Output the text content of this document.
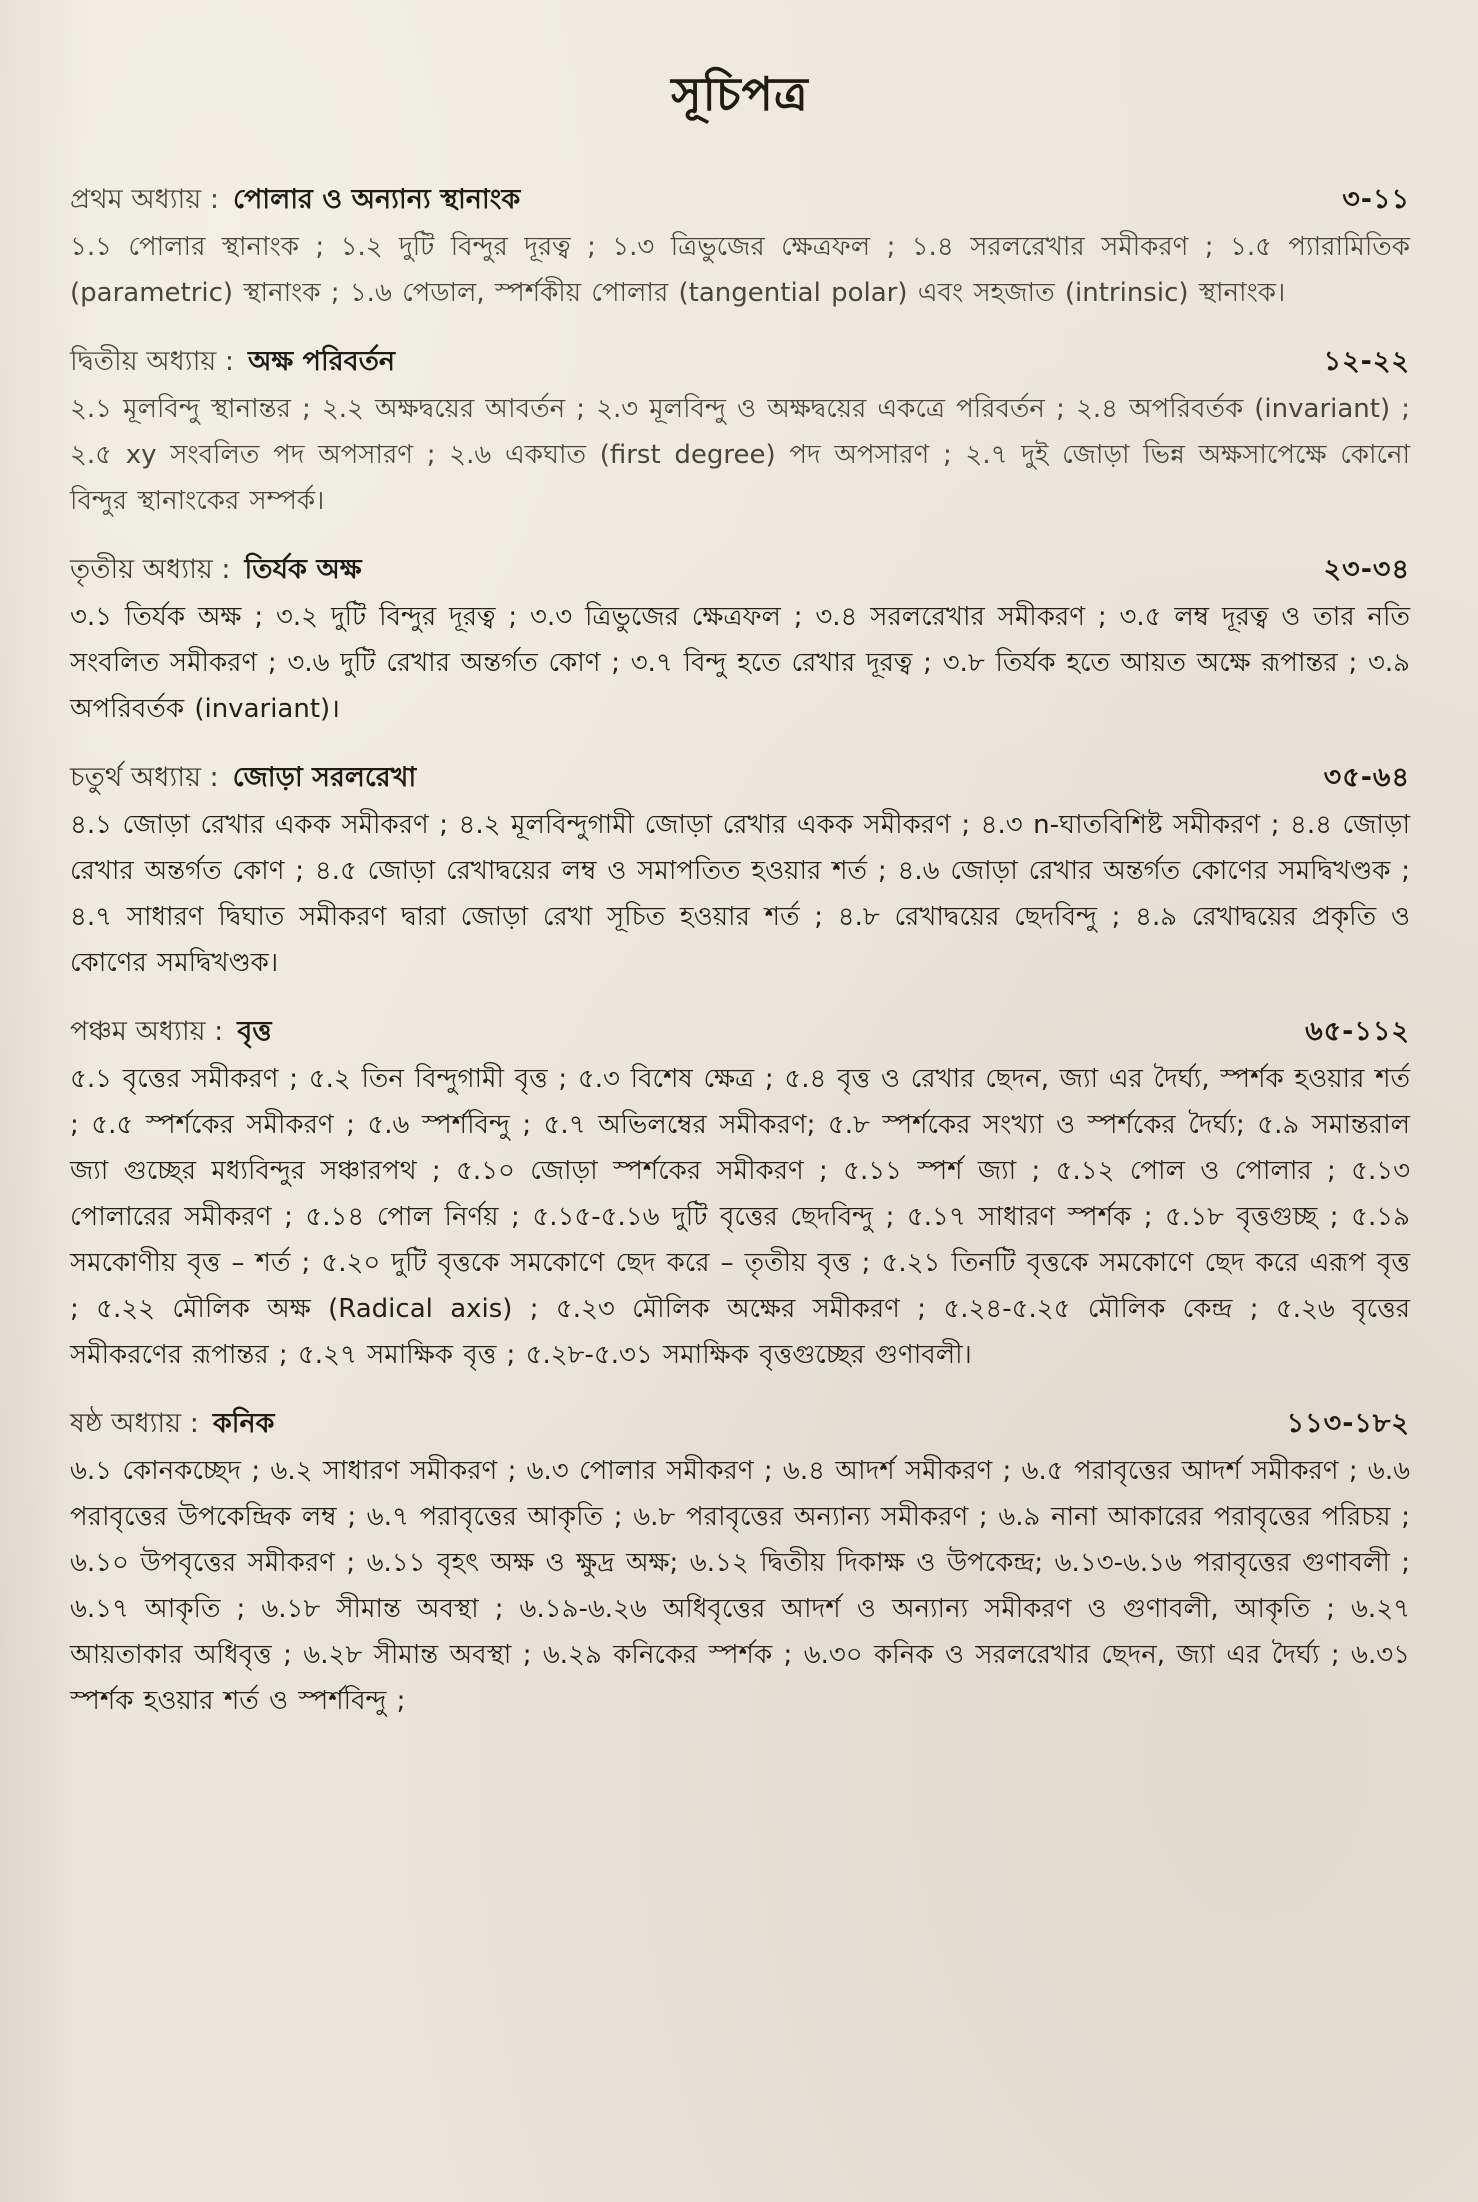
সূচিপত্র
প্রথম অধ্যায় : পোলার ও অন্যান্য স্থানাংক	৩-১১
১.১ পোলার স্থানাংক ; ১.২ দুটি বিন্দুর দূরত্ব ; ১.৩ ত্রিভুজের ক্ষেত্রফল ; ১.৪ সরলরেখার সমীকরণ ; ১.৫ প্যারামিতিক (parametric) স্থানাংক ; ১.৬ পেডাল, স্পর্শকীয় পোলার (tangential polar) এবং সহজাত (intrinsic) স্থানাংক।
দ্বিতীয় অধ্যায় : অক্ষ পরিবর্তন	১২-২২
২.১ মূলবিন্দু স্থানান্তর ; ২.২ অক্ষদ্বয়ের আবর্তন ; ২.৩ মূলবিন্দু ও অক্ষদ্বয়ের একত্রে পরিবর্তন ; ২.৪ অপরিবর্তক (invariant) ; ২.৫ xy সংবলিত পদ অপসারণ ; ২.৬ একঘাত (first degree) পদ অপসারণ ; ২.৭ দুই জোড়া ভিন্ন অক্ষসাপেক্ষে কোনো বিন্দুর স্থানাংকের সম্পর্ক।
তৃতীয় অধ্যায় : তির্যক অক্ষ	২৩-৩৪
৩.১ তির্যক অক্ষ ; ৩.২ দুটি বিন্দুর দূরত্ব ; ৩.৩ ত্রিভুজের ক্ষেত্রফল ; ৩.৪ সরলরেখার সমীকরণ ; ৩.৫ লম্ব দূরত্ব ও তার নতি সংবলিত সমীকরণ ; ৩.৬ দুটি রেখার অন্তর্গত কোণ ; ৩.৭ বিন্দু হতে রেখার দূরত্ব ; ৩.৮ তির্যক হতে আয়ত অক্ষে রূপান্তর ; ৩.৯ অপরিবর্তক (invariant)।
চতুর্থ অধ্যায় : জোড়া সরলরেখা	৩৫-৬৪
৪.১ জোড়া রেখার একক সমীকরণ ; ৪.২ মূলবিন্দুগামী জোড়া রেখার একক সমীকরণ ; ৪.৩ n-ঘাতবিশিষ্ট সমীকরণ ; ৪.৪ জোড়া রেখার অন্তর্গত কোণ ; ৪.৫ জোড়া রেখাদ্বয়ের লম্ব ও সমাপতিত হওয়ার শর্ত ; ৪.৬ জোড়া রেখার অন্তর্গত কোণের সমদ্বিখণ্ডক ; ৪.৭ সাধারণ দ্বিঘাত সমীকরণ দ্বারা জোড়া রেখা সূচিত হওয়ার শর্ত ; ৪.৮ রেখাদ্বয়ের ছেদবিন্দু ; ৪.৯ রেখাদ্বয়ের প্রকৃতি ও কোণের সমদ্বিখণ্ডক।
পঞ্চম অধ্যায় : বৃত্ত	৬৫-১১২
৫.১ বৃত্তের সমীকরণ ; ৫.২ তিন বিন্দুগামী বৃত্ত ; ৫.৩ বিশেষ ক্ষেত্র ; ৫.৪ বৃত্ত ও রেখার ছেদন, জ্যা এর দৈর্ঘ্য, স্পর্শক হওয়ার শর্ত ; ৫.৫ স্পর্শকের সমীকরণ ; ৫.৬ স্পর্শবিন্দু ; ৫.৭ অভিলম্বের সমীকরণ; ৫.৮ স্পর্শকের সংখ্যা ও স্পর্শকের দৈর্ঘ্য; ৫.৯ সমান্তরাল জ্যা গুচ্ছের মধ্যবিন্দুর সঞ্চারপথ ; ৫.১০ জোড়া স্পর্শকের সমীকরণ ; ৫.১১ স্পর্শ জ্যা ; ৫.১২ পোল ও পোলার ; ৫.১৩ পোলারের সমীকরণ ; ৫.১৪ পোল নির্ণয় ; ৫.১৫-৫.১৬ দুটি বৃত্তের ছেদবিন্দু ; ৫.১৭ সাধারণ স্পর্শক ; ৫.১৮ বৃত্তগুচ্ছ ; ৫.১৯ সমকোণীয় বৃত্ত – শর্ত ; ৫.২০ দুটি বৃত্তকে সমকোণে ছেদ করে – তৃতীয় বৃত্ত ; ৫.২১ তিনটি বৃত্তকে সমকোণে ছেদ করে এরূপ বৃত্ত ; ৫.২২ মৌলিক অক্ষ (Radical axis) ; ৫.২৩ মৌলিক অক্ষের সমীকরণ ; ৫.২৪-৫.২৫ মৌলিক কেন্দ্র ; ৫.২৬ বৃত্তের সমীকরণের রূপান্তর ; ৫.২৭ সমাক্ষিক বৃত্ত ; ৫.২৮-৫.৩১ সমাক্ষিক বৃত্তগুচ্ছের গুণাবলী।
ষষ্ঠ অধ্যায় : কনিক	১১৩-১৮২
৬.১ কোনকচ্ছেদ ; ৬.২ সাধারণ সমীকরণ ; ৬.৩ পোলার সমীকরণ ; ৬.৪ আদর্শ সমীকরণ ; ৬.৫ পরাবৃত্তের আদর্শ সমীকরণ ; ৬.৬ পরাবৃত্তের উপকেন্দ্রিক লম্ব ; ৬.৭ পরাবৃত্তের আকৃতি ; ৬.৮ পরাবৃত্তের অন্যান্য সমীকরণ ; ৬.৯ নানা আকারের পরাবৃত্তের পরিচয় ; ৬.১০ উপবৃত্তের সমীকরণ ; ৬.১১ বৃহৎ অক্ষ ও ক্ষুদ্র অক্ষ; ৬.১২ দ্বিতীয় দিকাক্ষ ও উপকেন্দ্র; ৬.১৩-৬.১৬ পরাবৃত্তের গুণাবলী ; ৬.১৭ আকৃতি ; ৬.১৮ সীমান্ত অবস্থা ; ৬.১৯-৬.২৬ অধিবৃত্তের আদর্শ ও অন্যান্য সমীকরণ ও গুণাবলী, আকৃতি ; ৬.২৭ আয়তাকার অধিবৃত্ত ; ৬.২৮ সীমান্ত অবস্থা ; ৬.২৯ কনিকের স্পর্শক ; ৬.৩০ কনিক ও সরলরেখার ছেদন, জ্যা এর দৈর্ঘ্য ; ৬.৩১ স্পর্শক হওয়ার শর্ত ও স্পর্শবিন্দু ;
